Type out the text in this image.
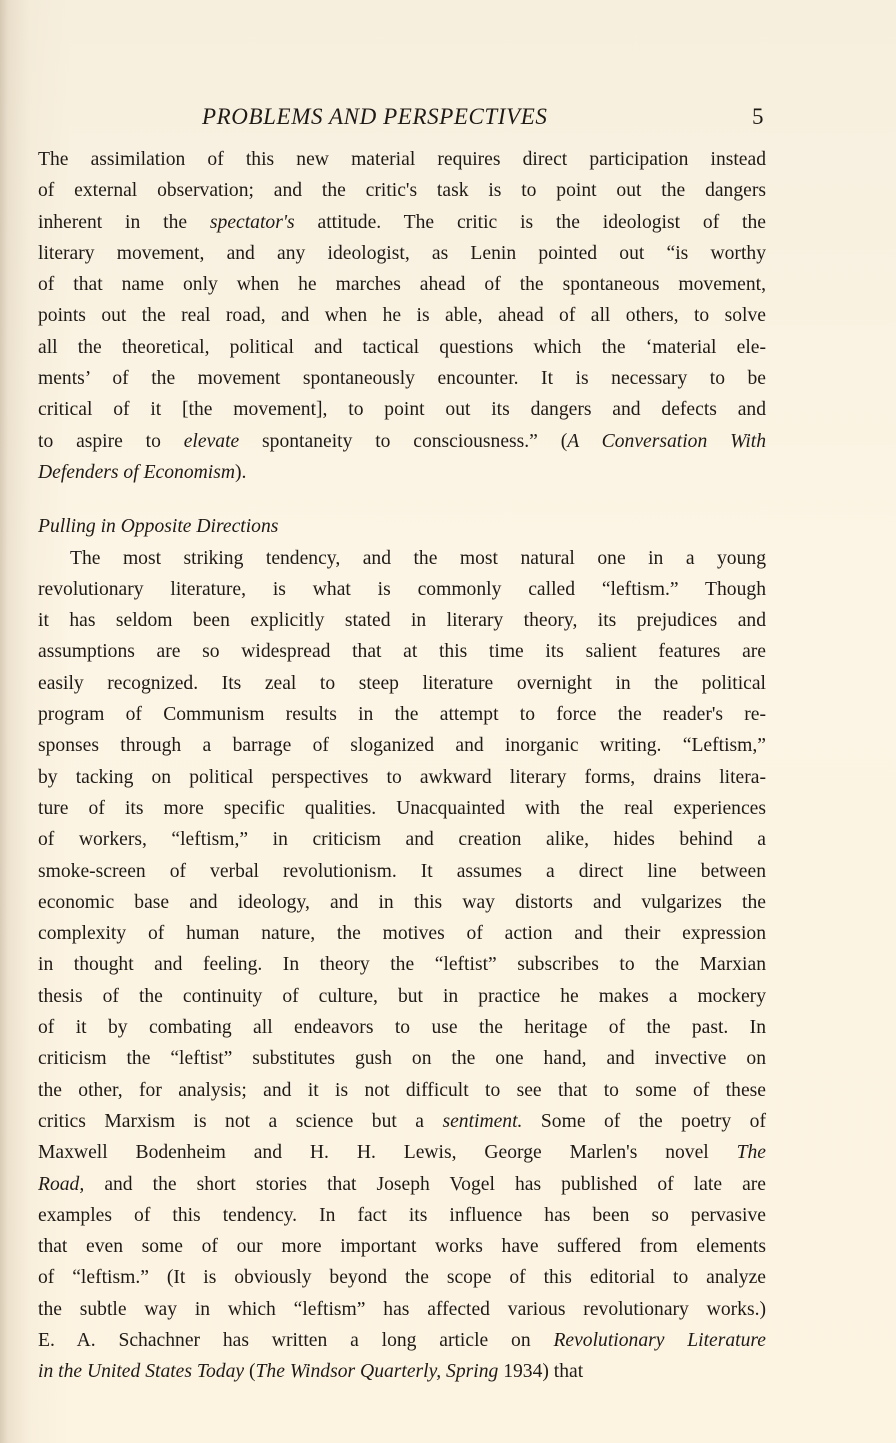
PROBLEMS AND PERSPECTIVES	5
The assimilation of this new material requires direct participation instead
of external observation; and the critic's task is to point out the dangers
inherent in the spectator's attitude. The critic is the ideologist of the
literary movement, and any ideologist, as Lenin pointed out “is worthy
of that name only when he marches ahead of the spontaneous movement,
points out the real road, and when he is able, ahead of all others, to solve
all the theoretical, political and tactical questions which the ‘material ele-
ments’ of the movement spontaneously encounter. It is necessary to be
critical of it [the movement], to point out its dangers and defects and
to aspire to elevate spontaneity to consciousness.” (A Conversation With
Defenders of Economism).
Pulling in Opposite Directions
The most striking tendency, and the most natural one in a young
revolutionary literature, is what is commonly called “leftism.” Though
it has seldom been explicitly stated in literary theory, its prejudices and
assumptions are so widespread that at this time its salient features are
easily recognized. Its zeal to steep literature overnight in the political
program of Communism results in the attempt to force the reader's re-
sponses through a barrage of sloganized and inorganic writing. “Leftism,”
by tacking on political perspectives to awkward literary forms, drains litera-
ture of its more specific qualities. Unacquainted with the real experiences
of workers, “leftism,” in criticism and creation alike, hides behind a
smoke-screen of verbal revolutionism. It assumes a direct line between
economic base and ideology, and in this way distorts and vulgarizes the
complexity of human nature, the motives of action and their expression
in thought and feeling. In theory the “leftist” subscribes to the Marxian
thesis of the continuity of culture, but in practice he makes a mockery
of it by combating all endeavors to use the heritage of the past. In
criticism the “leftist” substitutes gush on the one hand, and invective on
the other, for analysis; and it is not difficult to see that to some of these
critics Marxism is not a science but a sentiment. Some of the poetry of
Maxwell Bodenheim and H. H. Lewis, George Marlen's novel The
Road, and the short stories that Joseph Vogel has published of late are
examples of this tendency. In fact its influence has been so pervasive
that even some of our more important works have suffered from elements
of “leftism.” (It is obviously beyond the scope of this editorial to analyze
the subtle way in which “leftism” has affected various revolutionary works.)
E. A. Schachner has written a long article on Revolutionary Literature
in the United States Today (The Windsor Quarterly, Spring 1934) that
